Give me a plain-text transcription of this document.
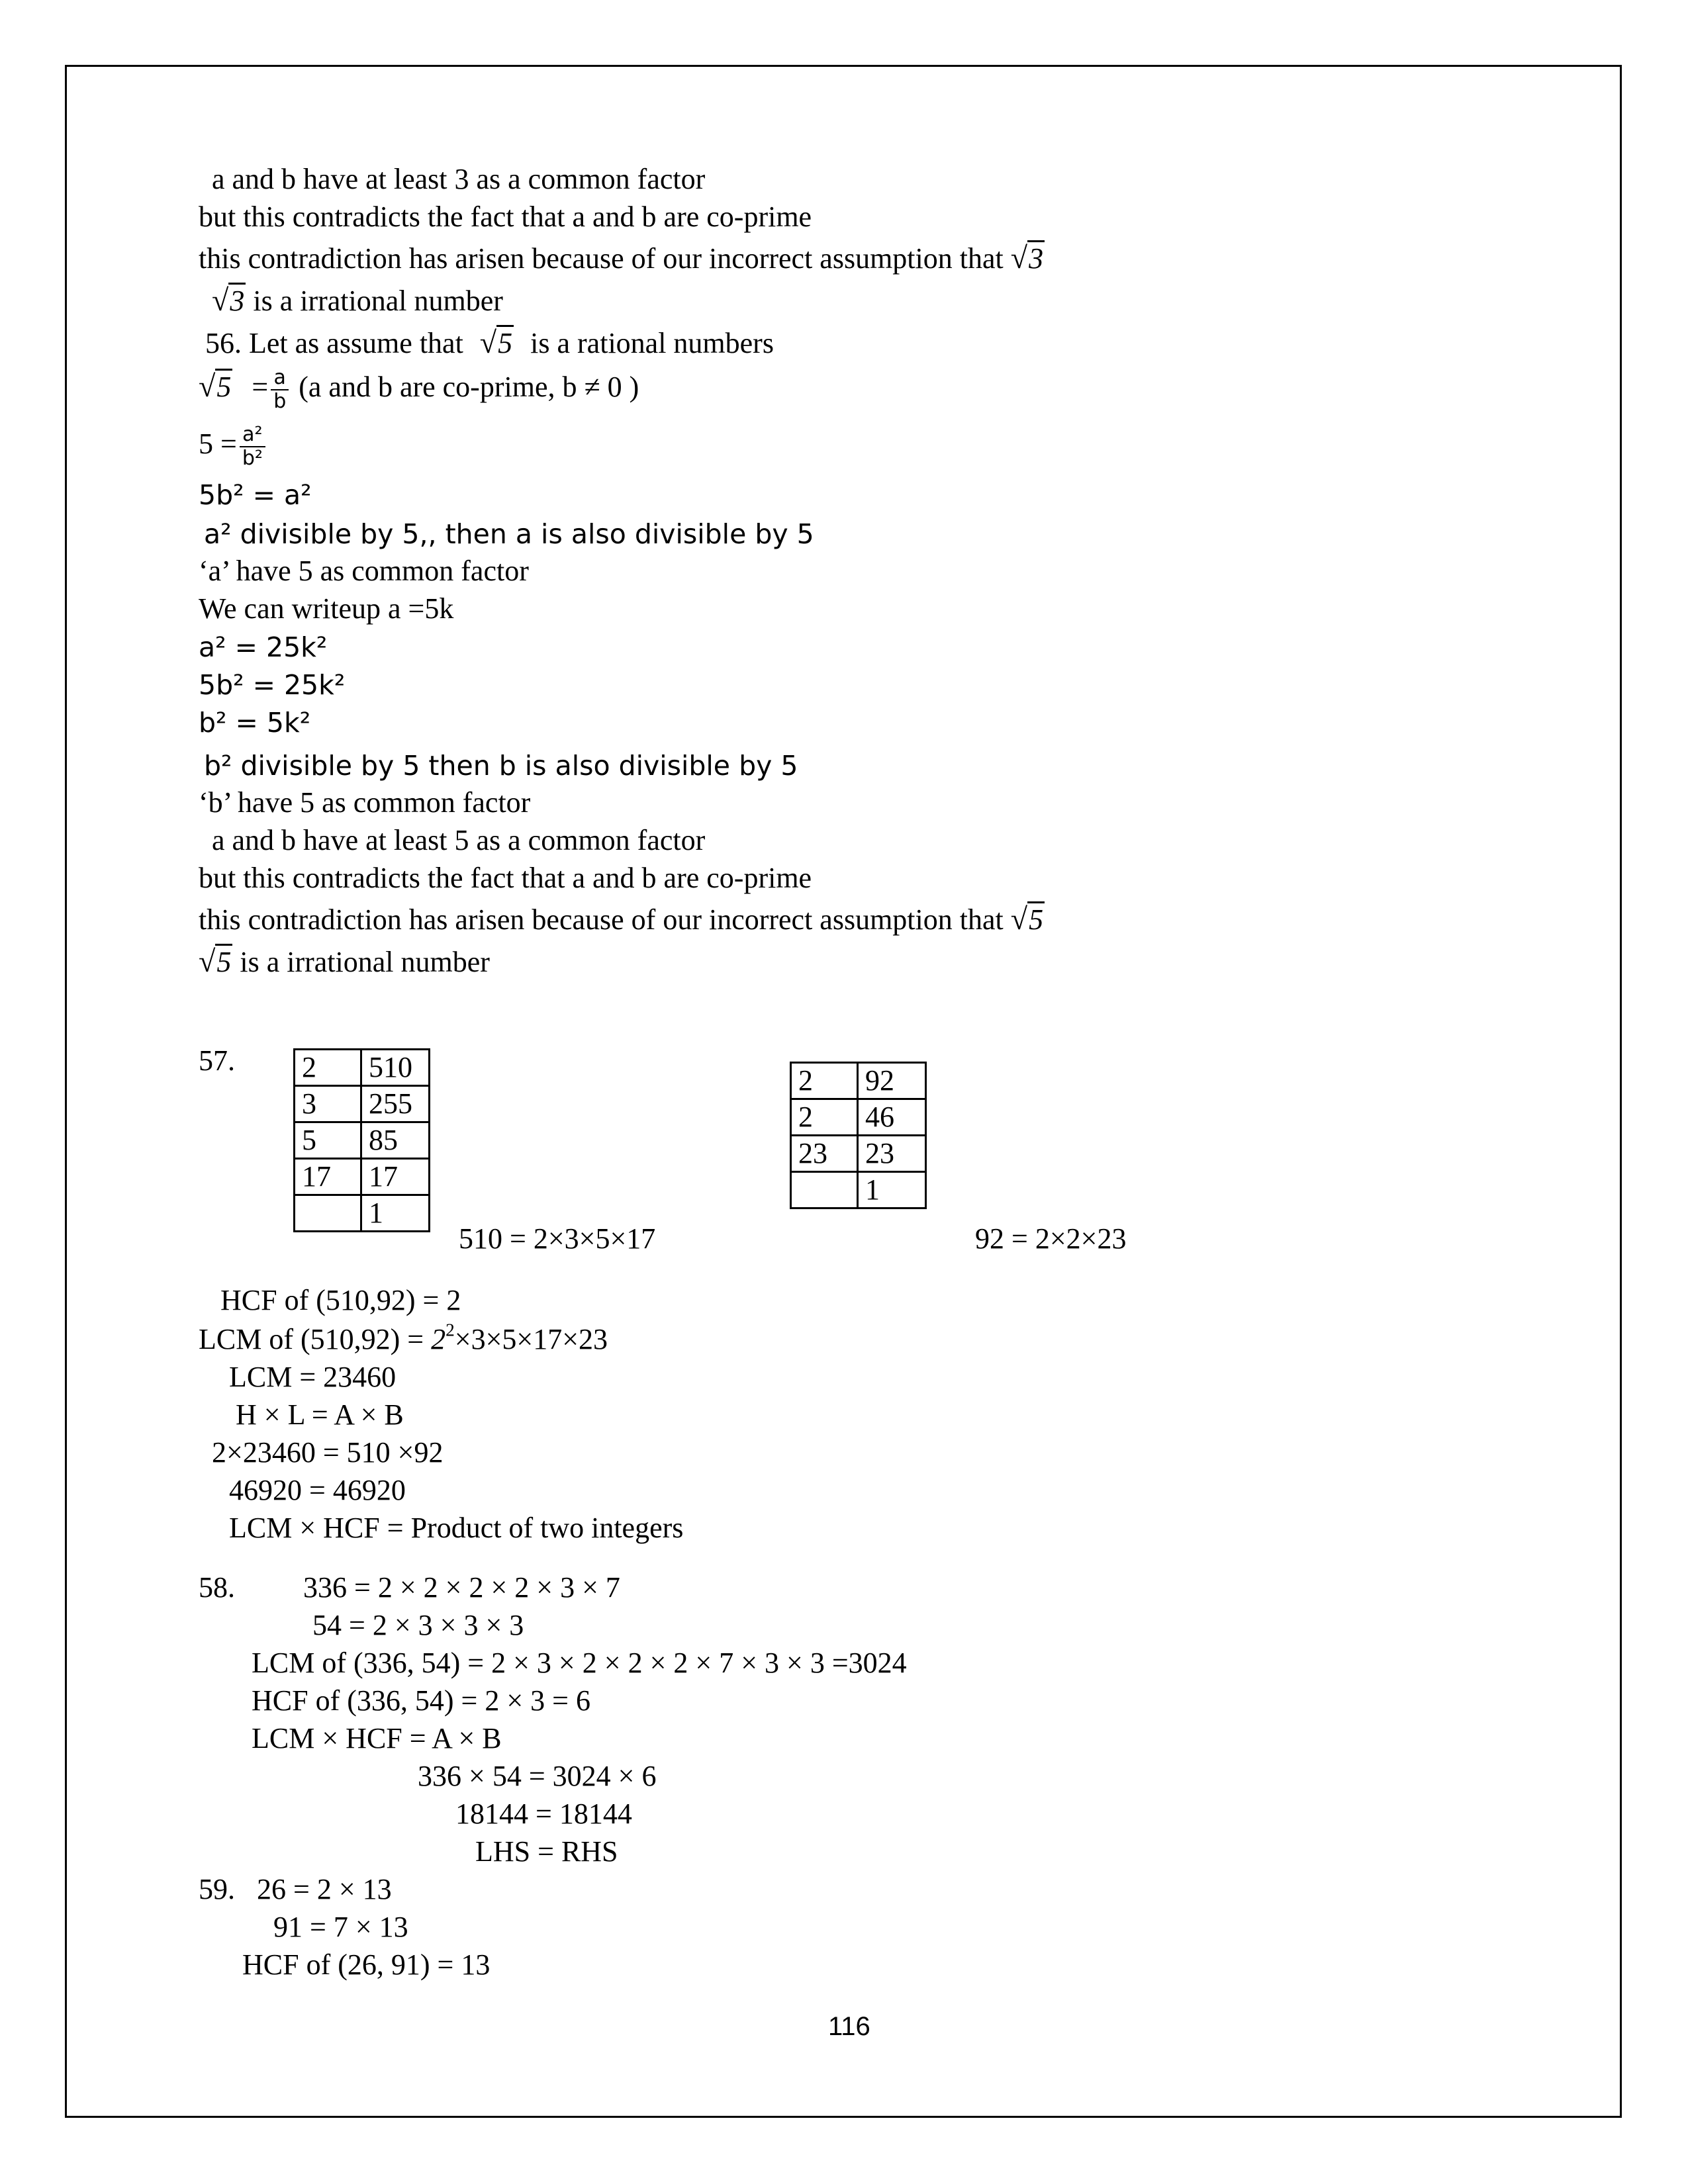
a and b have at least 3 as a common factor
but this contradicts the fact that a and b are co-prime
this contradiction has arisen because of our incorrect assumption that √3
√3 is a irrational number
56. Let as assume that √5 is a rational numbers
$√5 = \frac{a}{b} (a$ and b are co-prime, b ≠ 0 )
$5 = \frac{\text{a²}}{\text{b²}}$
5b² = a²
a² divisible by 5,, then a is also divisible by 5
‘a’ have 5 as common factor
We can writeup a =5k
a² = 25k²
5b² = 25k²
b² = 5k²
b² divisible by 5 then b is also divisible by 5
‘b’ have 5 as common factor
a and b have at least 5 as a common factor
but this contradicts the fact that a and b are co-prime
this contradiction has arisen because of our incorrect assumption that √5
√5 is a irrational number
57. 2	510
3	255
5	85
17	17
	1
2	92
2	46
23	23
	1
510 = 2×3×5×17	92 = 2×2×23
HCF of (510,92) = 2
LCM of $(510,92) = 2^2\times 3\times 5\times 17\times 23$
LCM = 23460
H × L = A × B
2×23460 = 510 ×92
46920 = 46920
LCM × HCF = Product of two integers
58. 336 = 2 × 2 × 2 × 2 × 3 × 7
54 = 2 × 3 × 3 × 3
LCM of (336, 54) = 2 × 3 × 2 × 2 × 2 × 7 × 3 × 3 =3024
HCF of (336, 54) = 2 × 3 = 6
LCM × HCF = A × B
336 × 54 = 3024 × 6
18144 = 18144
LHS = RHS
59. 26 = 2 × 13
91 = 7 × 13
HCF of (26, 91) = 13
116
